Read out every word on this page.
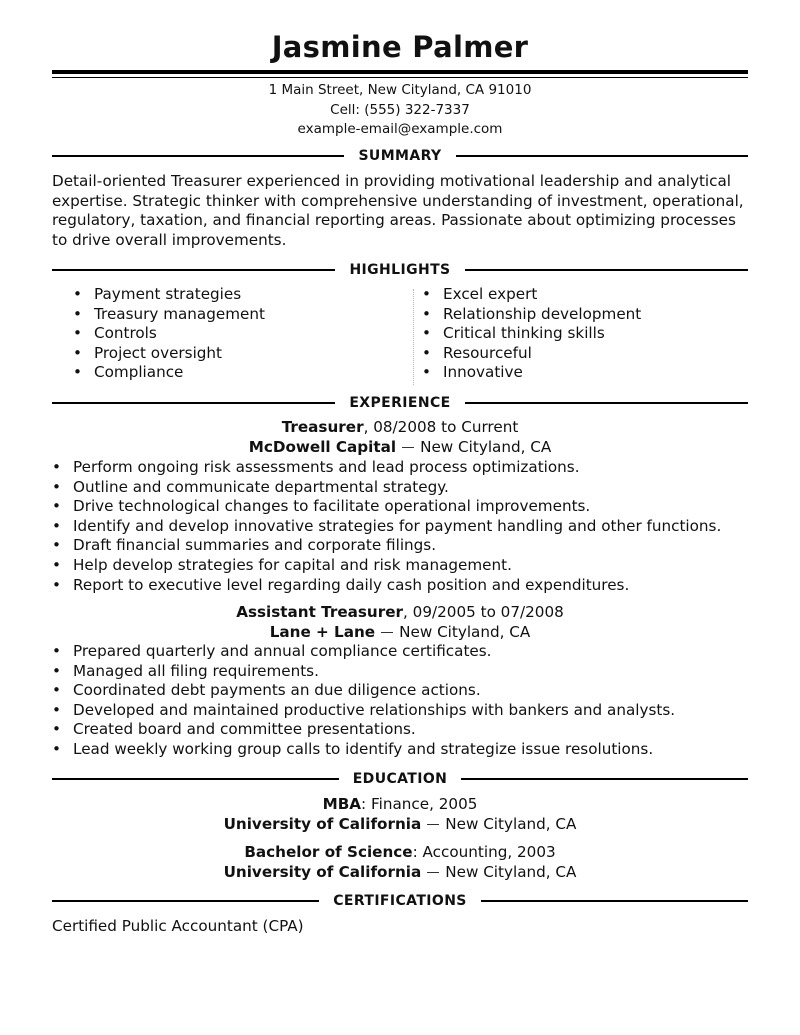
Jasmine Palmer
1 Main Street, New Cityland, CA 91010
Cell: (555) 322-7337
example-email@example.com
SUMMARY
Detail-oriented Treasurer experienced in providing motivational leadership and analytical expertise. Strategic thinker with comprehensive understanding of investment, operational, regulatory, taxation, and financial reporting areas. Passionate about optimizing processes to drive overall improvements.
HIGHLIGHTS
• Payment strategies
• Treasury management
• Controls
• Project oversight
• Compliance
• Excel expert
• Relationship development
• Critical thinking skills
• Resourceful
• Innovative
EXPERIENCE
Treasurer, 08/2008 to Current
McDowell Capital New Cityland, CA
• Perform ongoing risk assessments and lead process optimizations.
• Outline and communicate departmental strategy.
• Drive technological changes to facilitate operational improvements.
• Identify and develop innovative strategies for payment handling and other functions.
• Draft financial summaries and corporate filings.
• Help develop strategies for capital and risk management.
• Report to executive level regarding daily cash position and expenditures.
Assistant Treasurer, 09/2005 to 07/2008
Lane + Lane New Cityland, CA
• Prepared quarterly and annual compliance certificates.
• Managed all filing requirements.
• Coordinated debt payments an due diligence actions.
• Developed and maintained productive relationships with bankers and analysts.
• Created board and committee presentations.
• Lead weekly working group calls to identify and strategize issue resolutions.
EDUCATION
MBA: Finance, 2005
University of California New Cityland, CA
Bachelor of Science: Accounting, 2003
University of California New Cityland, CA
CERTIFICATIONS
Certified Public Accountant (CPA)
